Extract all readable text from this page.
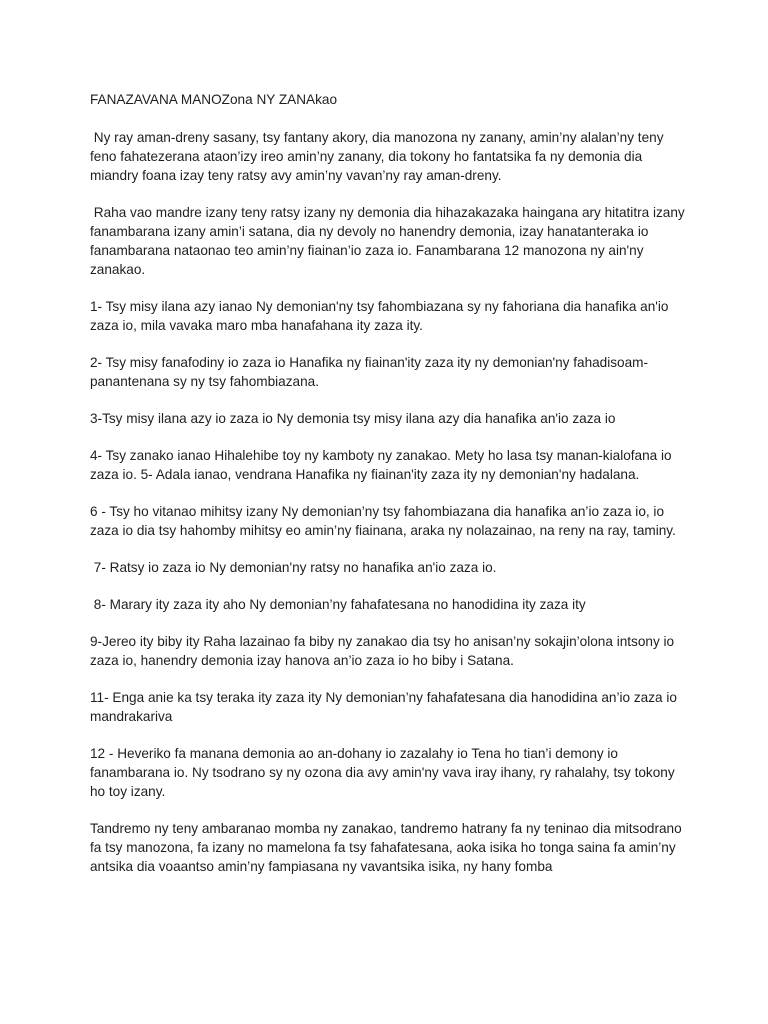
FANAZAVANA MANOZona NY ZANAkao

Ny ray aman-dreny sasany, tsy fantany akory, dia manozona ny zanany, amin’ny alalan’ny teny feno fahatezerana ataon’izy ireo amin’ny zanany, dia tokony ho fantatsika fa ny demonia dia miandry foana izay teny ratsy avy amin’ny vavan’ny ray aman-dreny.

Raha vao mandre izany teny ratsy izany ny demonia dia hihazakazaka haingana ary hitatitra izany fanambarana izany amin’i satana, dia ny devoly no hanendry demonia, izay hanatanteraka io fanambarana nataonao teo amin’ny fiainan’io zaza io. Fanambarana 12 manozona ny ain'ny zanakao.

1- Tsy misy ilana azy ianao Ny demonian'ny tsy fahombiazana sy ny fahoriana dia hanafika an'io zaza io, mila vavaka maro mba hanafahana ity zaza ity.

2- Tsy misy fanafodiny io zaza io Hanafika ny fiainan'ity zaza ity ny demonian'ny fahadisoam-panantenana sy ny tsy fahombiazana.

3-Tsy misy ilana azy io zaza io Ny demonia tsy misy ilana azy dia hanafika an'io zaza io

4- Tsy zanako ianao Hihalehibe toy ny kamboty ny zanakao. Mety ho lasa tsy manan-kialofana io zaza io. 5- Adala ianao, vendrana Hanafika ny fiainan'ity zaza ity ny demonian'ny hadalana.

6 - Tsy ho vitanao mihitsy izany Ny demonian’ny tsy fahombiazana dia hanafika an’io zaza io, io zaza io dia tsy hahomby mihitsy eo amin’ny fiainana, araka ny nolazainao, na reny na ray, taminy.

7- Ratsy io zaza io Ny demonian'ny ratsy no hanafika an'io zaza io.

8- Marary ity zaza ity aho Ny demonian’ny fahafatesana no hanodidina ity zaza ity

9-Jereo ity biby ity Raha lazainao fa biby ny zanakao dia tsy ho anisan’ny sokajin’olona intsony io zaza io, hanendry demonia izay hanova an’io zaza io ho biby i Satana.

11- Enga anie ka tsy teraka ity zaza ity Ny demonian’ny fahafatesana dia hanodidina an’io zaza io mandrakariva

12 - Heveriko fa manana demonia ao an-dohany io zazalahy io Tena ho tian’i demony io fanambarana io. Ny tsodrano sy ny ozona dia avy amin'ny vava iray ihany, ry rahalahy, tsy tokony ho toy izany.

Tandremo ny teny ambaranao momba ny zanakao, tandremo hatrany fa ny teninao dia mitsodrano fa tsy manozona, fa izany no mamelona fa tsy fahafatesana, aoka isika ho tonga saina fa amin’ny  antsika dia voaantso amin’ny fampiasana ny vavantsika isika, ny hany fomba
